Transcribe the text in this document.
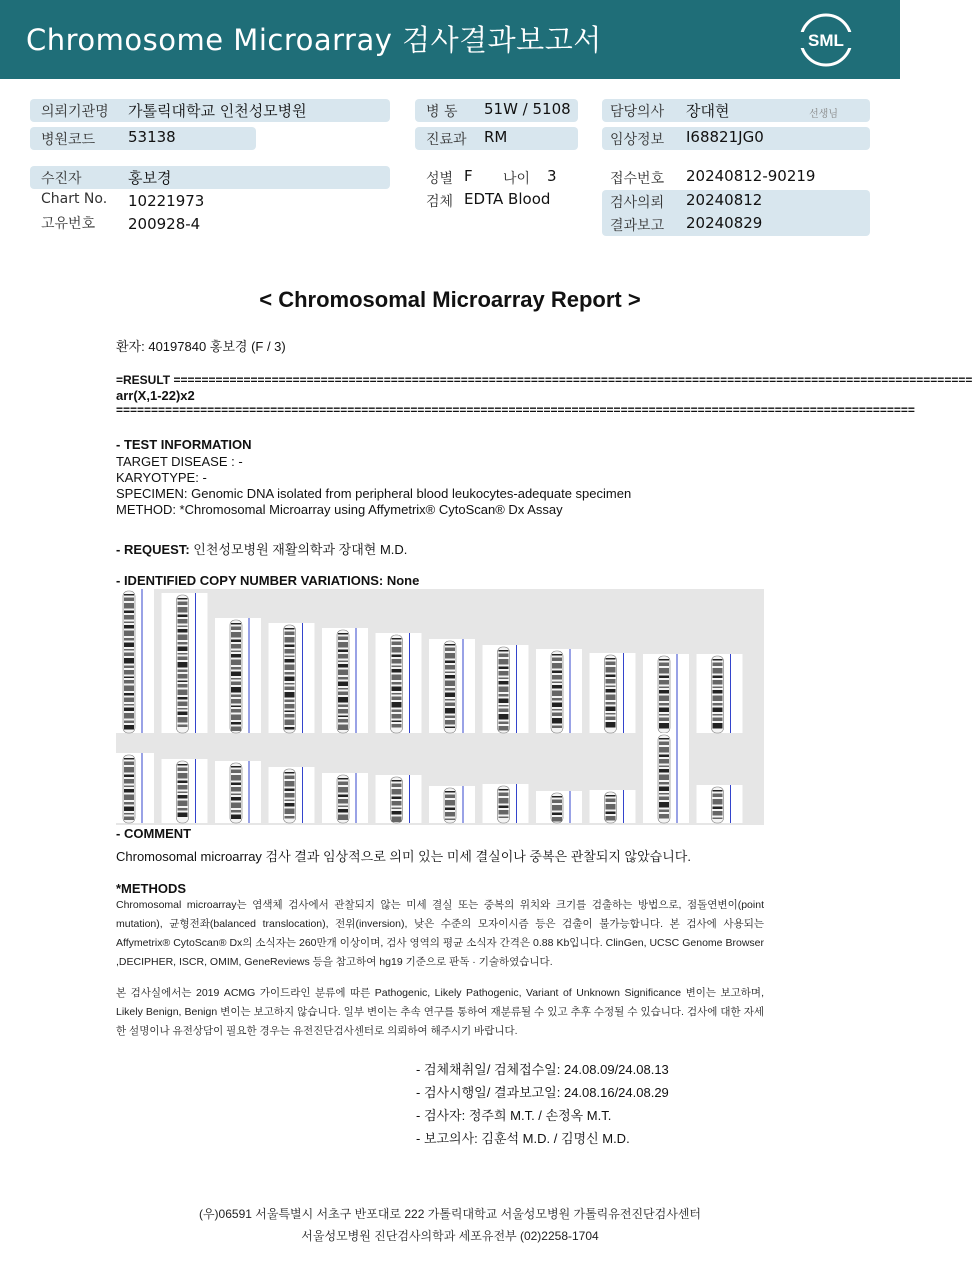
Chromosome Microarray 검사결과보고서	SML
의뢰기관명 가톨릭대학교 인천성모병원
병원코드 53138
병 동 51W / 5108
진료과 RM
담당의사 장대현	선생님
임상정보 I68821JG0
수진자	홍보경
Chart No. 10221973
고유번호 200928-4
성별 F 나이 3
검체 EDTA Blood
접수번호 20240812-90219
검사의뢰 20240812
결과보고 20240829
< Chromosomal Microarray Report >
환자: 40197840 홍보경 (F / 3)
=RESULT ==================================================================================================================
arr(X,1-22)x2
==================================================================================================================
- TEST INFORMATION
TARGET DISEASE : -
KARYOTYPE: -
SPECIMEN: Genomic DNA isolated from peripheral blood leukocytes-adequate specimen
METHOD: *Chromosomal Microarray using Affymetrix® CytoScan® Dx Assay
- REQUEST: 인천성모병원 재활의학과 장대현 M.D.
- IDENTIFIED COPY NUMBER VARIATIONS: None
- COMMENT
Chromosomal microarray 검사 결과 임상적으로 의미 있는 미세 결실이나 중복은 관찰되지 않았습니다.
*METHODS
Chromosomal microarray는 염색체 검사에서 관찰되지 않는 미세 결실 또는 중복의 위치와 크기를 검출하는 방법으로, 점돌연변이(point mutation), 균형전좌(balanced translocation), 전위(inversion), 낮은 수준의 모자이시즘 등은 검출이 불가능합니다. 본 검사에 사용되는 Affymetrix® CytoScan® Dx의 소식자는 260만개 이상이며, 검사 영역의 평균 소식자 간격은 0.88 Kb입니다. ClinGen, UCSC Genome Browser ,DECIPHER, ISCR, OMIM, GeneReviews 등을 참고하여 hg19 기준으로 판독 · 기술하였습니다.
본 검사실에서는 2019 ACMG 가이드라인 분류에 따른 Pathogenic, Likely Pathogenic, Variant of Unknown Significance 변이는 보고하며, Likely Benign, Benign 변이는 보고하지 않습니다. 일부 변이는 추속 연구를 통하여 재분류될 수 있고 추후 수정될 수 있습니다. 검사에 대한 자세한 설명이나 유전상담이 필요한 경우는 유전진단검사센터로 의뢰하여 해주시기 바랍니다.
- 검체채취일/ 검체접수일: 24.08.09/24.08.13
- 검사시행일/ 결과보고일: 24.08.16/24.08.29
- 검사자: 정주희 M.T. / 손정옥 M.T.
- 보고의사: 김훈석 M.D. / 김명신 M.D.
(우)06591 서울특별시 서초구 반포대로 222 가톨릭대학교 서울성모병원 가톨릭유전진단검사센터
서울성모병원 진단검사의학과 세포유전부 (02)2258-1704
